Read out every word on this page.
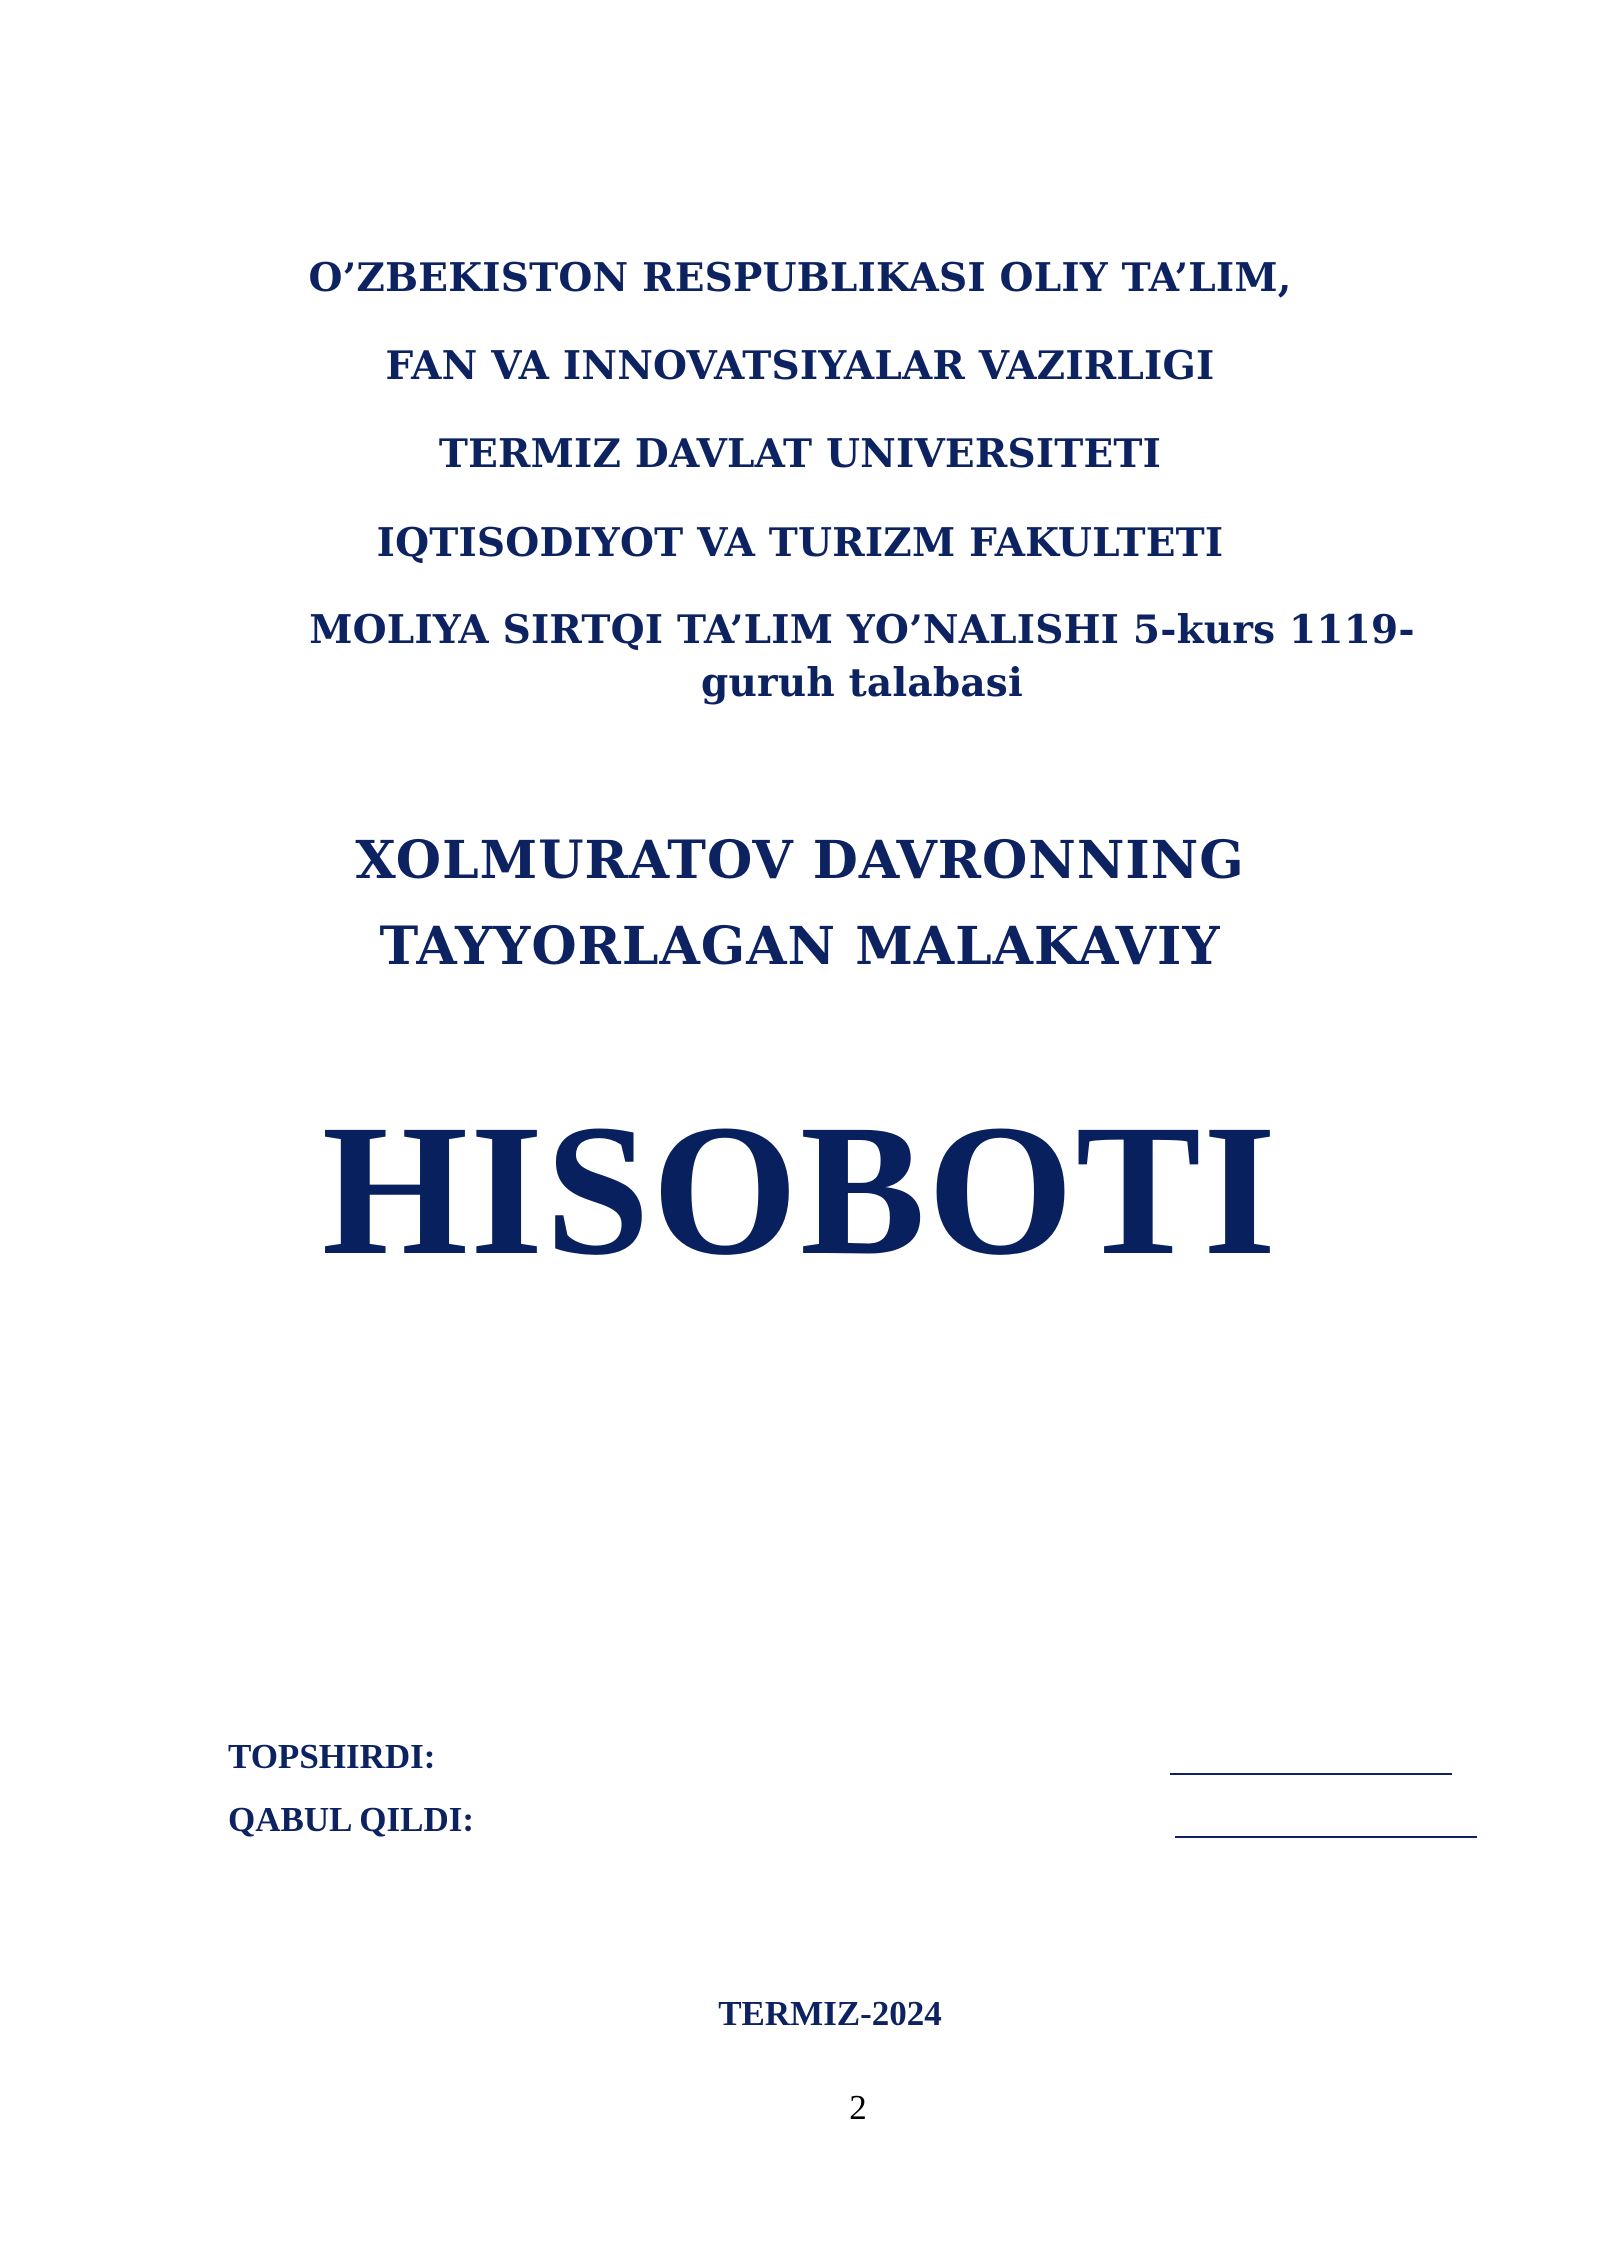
O’ZBEKISTON RESPUBLIKASI OLIY TA’LIM,
FAN VA INNOVATSIYALAR VAZIRLIGI
TERMIZ DAVLAT UNIVERSITETI
IQTISODIYOT VA TURIZM FAKULTETI
MOLIYA SIRTQI TA’LIM YO’NALISHI 5-kurs 1119-guruh talabasi
XOLMURATOV DAVRONNING
TAYYORLAGAN MALAKAVIY
HISOBOTI
TOPSHIRDI:
QABUL QILDI:
TERMIZ-2024
2
